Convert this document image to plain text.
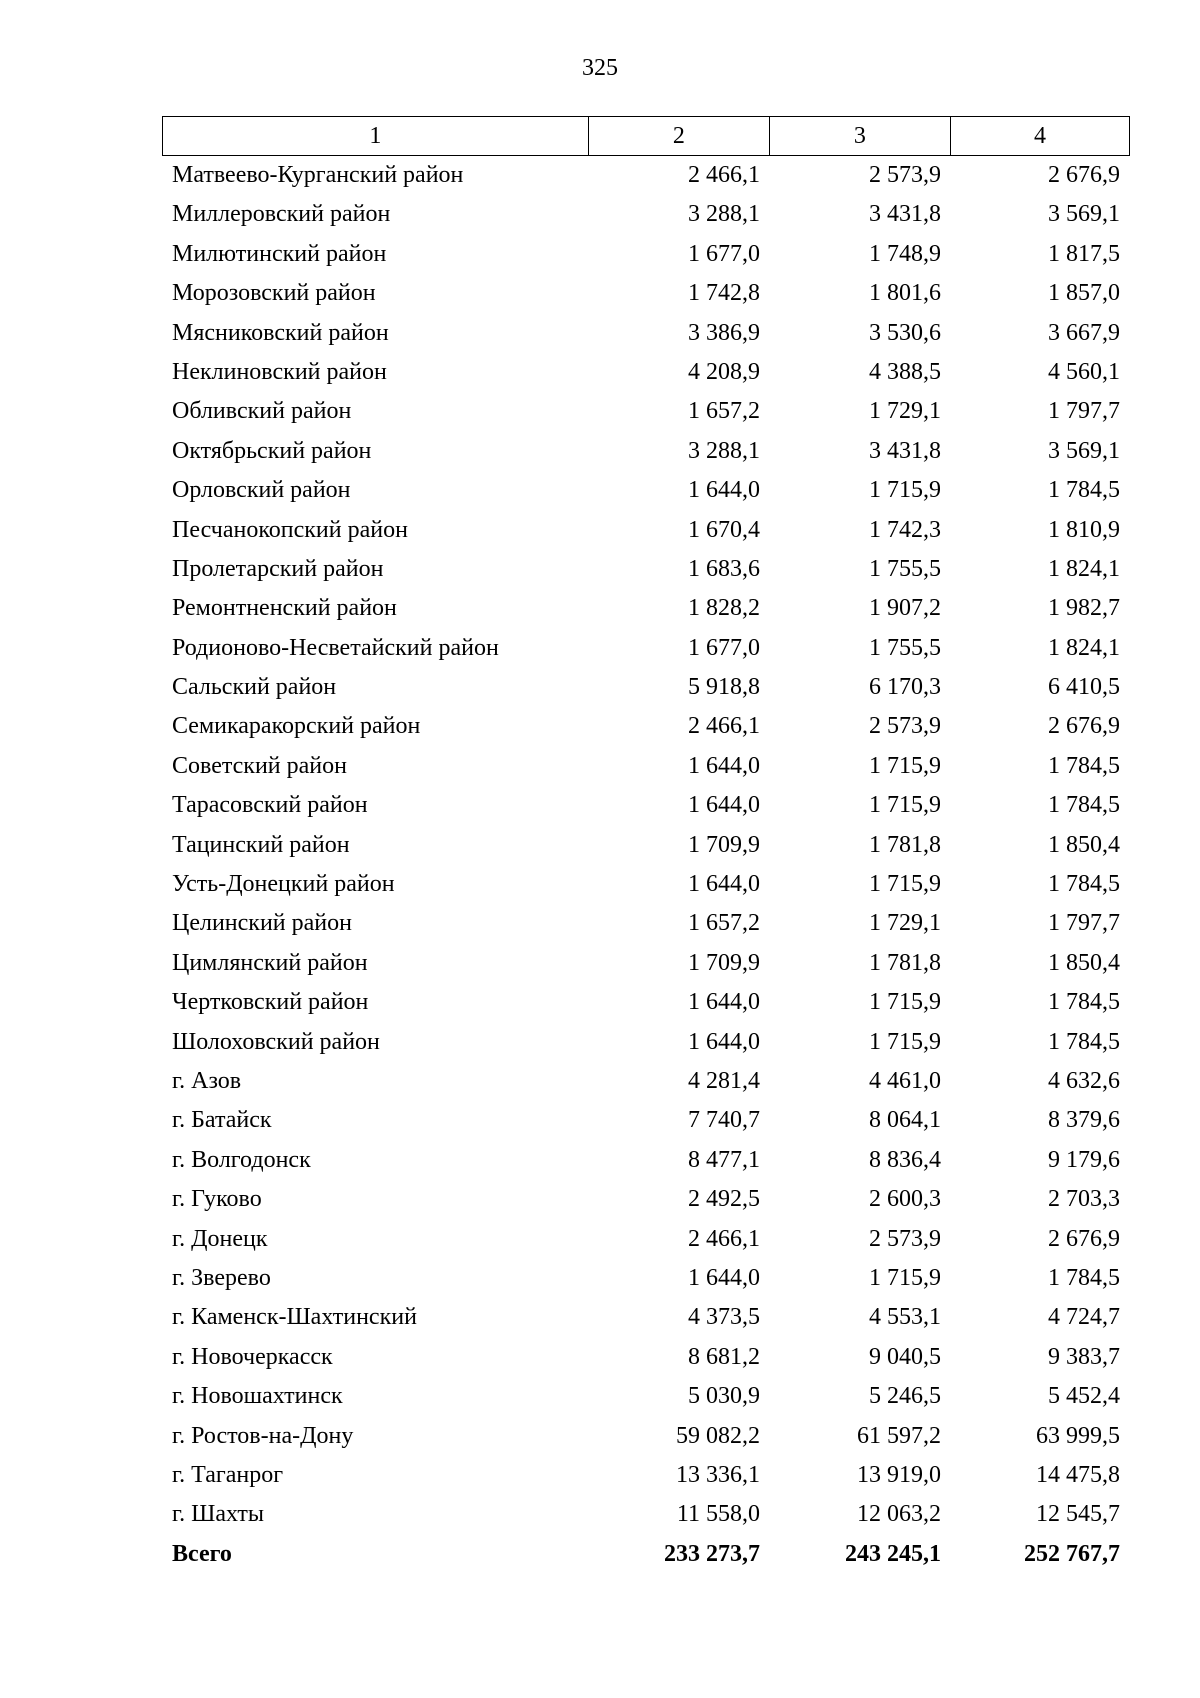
325
1	2	3	4
Матвеево-Курганский район	2 466,1	2 573,9	2 676,9
Миллеровский район	3 288,1	3 431,8	3 569,1
Милютинский район	1 677,0	1 748,9	1 817,5
Морозовский район	1 742,8	1 801,6	1 857,0
Мясниковский район	3 386,9	3 530,6	3 667,9
Неклиновский район	4 208,9	4 388,5	4 560,1
Обливский район	1 657,2	1 729,1	1 797,7
Октябрьский район	3 288,1	3 431,8	3 569,1
Орловский район	1 644,0	1 715,9	1 784,5
Песчанокопский район	1 670,4	1 742,3	1 810,9
Пролетарский район	1 683,6	1 755,5	1 824,1
Ремонтненский район	1 828,2	1 907,2	1 982,7
Родионово-Несветайский район	1 677,0	1 755,5	1 824,1
Сальский район	5 918,8	6 170,3	6 410,5
Семикаракорский район	2 466,1	2 573,9	2 676,9
Советский район	1 644,0	1 715,9	1 784,5
Тарасовский район	1 644,0	1 715,9	1 784,5
Тацинский район	1 709,9	1 781,8	1 850,4
Усть-Донецкий район	1 644,0	1 715,9	1 784,5
Целинский район	1 657,2	1 729,1	1 797,7
Цимлянский район	1 709,9	1 781,8	1 850,4
Чертковский район	1 644,0	1 715,9	1 784,5
Шолоховский район	1 644,0	1 715,9	1 784,5
г. Азов	4 281,4	4 461,0	4 632,6
г. Батайск	7 740,7	8 064,1	8 379,6
г. Волгодонск	8 477,1	8 836,4	9 179,6
г. Гуково	2 492,5	2 600,3	2 703,3
г. Донецк	2 466,1	2 573,9	2 676,9
г. Зверево	1 644,0	1 715,9	1 784,5
г. Каменск-Шахтинский	4 373,5	4 553,1	4 724,7
г. Новочеркасск	8 681,2	9 040,5	9 383,7
г. Новошахтинск	5 030,9	5 246,5	5 452,4
г. Ростов-на-Дону	59 082,2	61 597,2	63 999,5
г. Таганрог	13 336,1	13 919,0	14 475,8
г. Шахты	11 558,0	12 063,2	12 545,7
Всего	233 273,7	243 245,1	252 767,7
